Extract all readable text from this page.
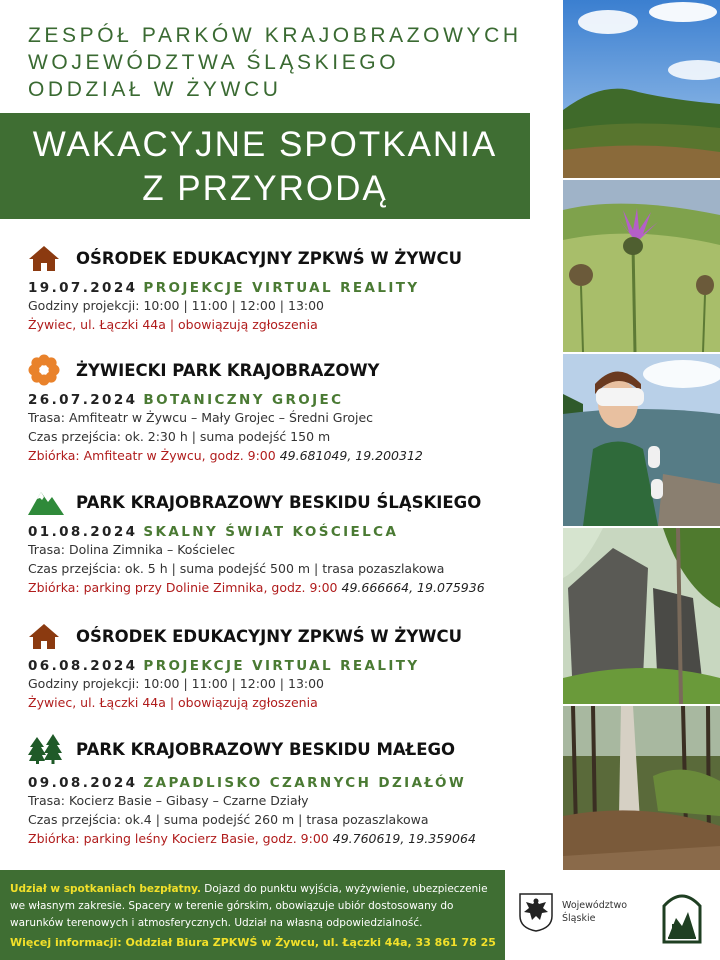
ZESPÓŁ PARKÓW KRAJOBRAZOWYCH
WOJEWÓDZTWA ŚLĄSKIEGO
ODDZIAŁ W ŻYWCU
WAKACYJNE SPOTKANIA
Z PRZYRODĄ
OŚRODEK EDUKACYJNY ZPKWŚ W ŻYWCU
19.07.2024 PROJEKCJE VIRTUAL REALITY
Godziny projekcji: 10:00 | 11:00 | 12:00 | 13:00
Żywiec, ul. Łączki 44a | obowiązują zgłoszenia
ŻYWIECKI PARK KRAJOBRAZOWY
26.07.2024 BOTANICZNY GROJEC
Trasa: Amfiteatr w Żywcu – Mały Grojec – Średni Grojec
Czas przejścia: ok. 2:30 h | suma podejść 150 m
Zbiórka: Amfiteatr w Żywcu, godz. 9:00 49.681049, 19.200312
PARK KRAJOBRAZOWY BESKIDU ŚLĄSKIEGO
01.08.2024 SKALNY ŚWIAT KOŚCIELCA
Trasa: Dolina Zimnika – Kościelec
Czas przejścia: ok. 5 h | suma podejść 500 m | trasa pozaszlakowa
Zbiórka: parking przy Dolinie Zimnika, godz. 9:00 49.666664, 19.075936
OŚRODEK EDUKACYJNY ZPKWŚ W ŻYWCU
06.08.2024 PROJEKCJE VIRTUAL REALITY
Godziny projekcji: 10:00 | 11:00 | 12:00 | 13:00
Żywiec, ul. Łączki 44a | obowiązują zgłoszenia
PARK KRAJOBRAZOWY BESKIDU MAŁEGO
09.08.2024 ZAPADLISKO CZARNYCH DZIAŁÓW
Trasa: Kocierz Basie – Gibasy – Czarne Działy
Czas przejścia: ok.4 | suma podejść 260 m | trasa pozaszlakowa
Zbiórka: parking leśny Kocierz Basie, godz. 9:00 49.760619, 19.359064
Udział w spotkaniach bezpłatny. Dojazd do punktu wyjścia, wyżywienie, ubezpieczenie we własnym zakresie. Spacery w terenie górskim, obowiązuje ubiór dostosowany do warunków terenowych i atmosferycznych. Udział na własną odpowiedzialność.
Więcej informacji: Oddział Biura ZPKWŚ w Żywcu, ul. Łączki 44a, 33 861 78 25
Województwo
Śląskie
